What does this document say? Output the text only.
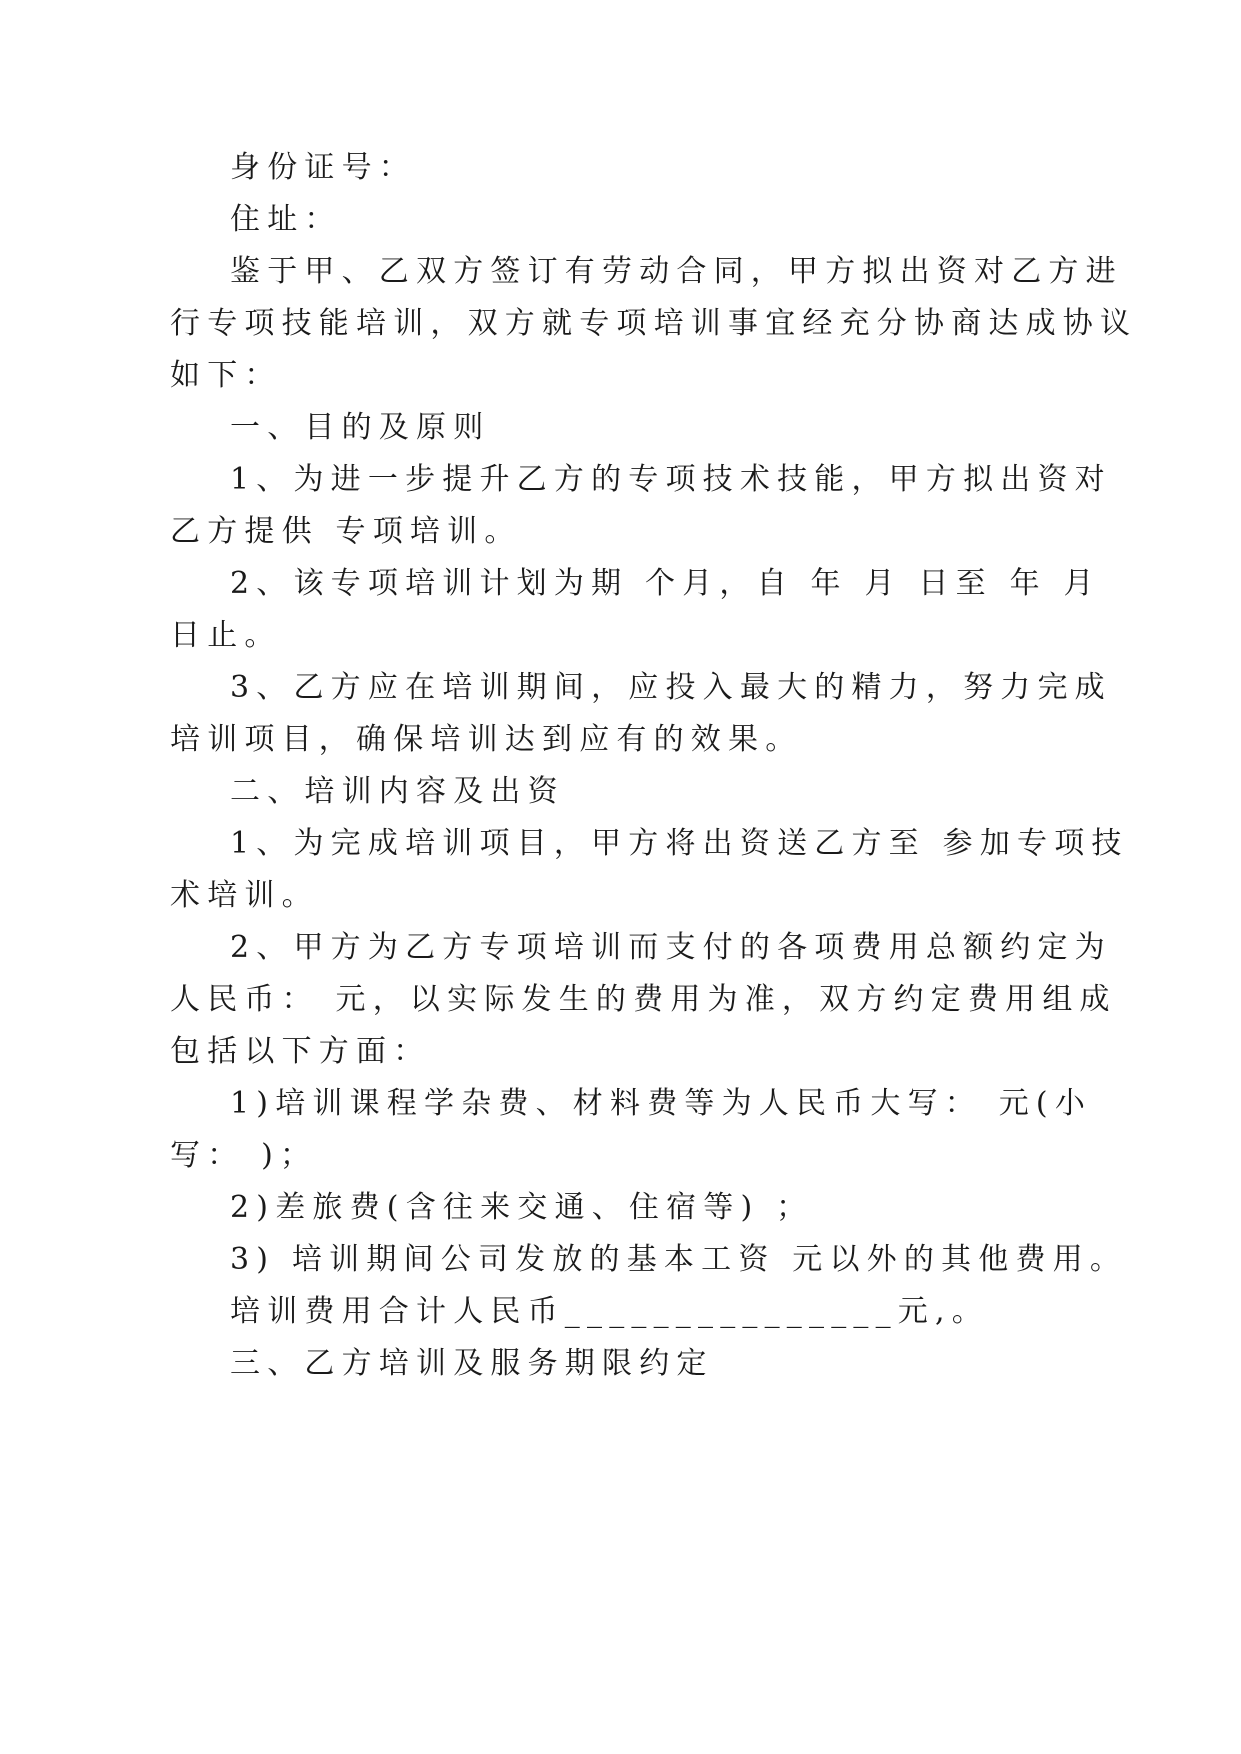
身份证号：
住址：
鉴于甲、乙双方签订有劳动合同，甲方拟出资对乙方进
行专项技能培训，双方就专项培训事宜经充分协商达成协议
如下：
一、目的及原则
1、为进一步提升乙方的专项技术技能，甲方拟出资对
乙方提供 专项培训。
2、该专项培训计划为期 个月，自 年 月 日至 年 月
日止。
3、乙方应在培训期间，应投入最大的精力，努力完成
培训项目，确保培训达到应有的效果。
二、培训内容及出资
1、为完成培训项目，甲方将出资送乙方至 参加专项技
术培训。
2、甲方为乙方专项培训而支付的各项费用总额约定为
人民币： 元，以实际发生的费用为准，双方约定费用组成
包括以下方面：
1)培训课程学杂费、材料费等为人民币大写： 元(小
写： )；
2)差旅费(含往来交通、住宿等) ；
3) 培训期间公司发放的基本工资 元以外的其他费用。
培训费用合计人民币_______________元,。
三、乙方培训及服务期限约定
